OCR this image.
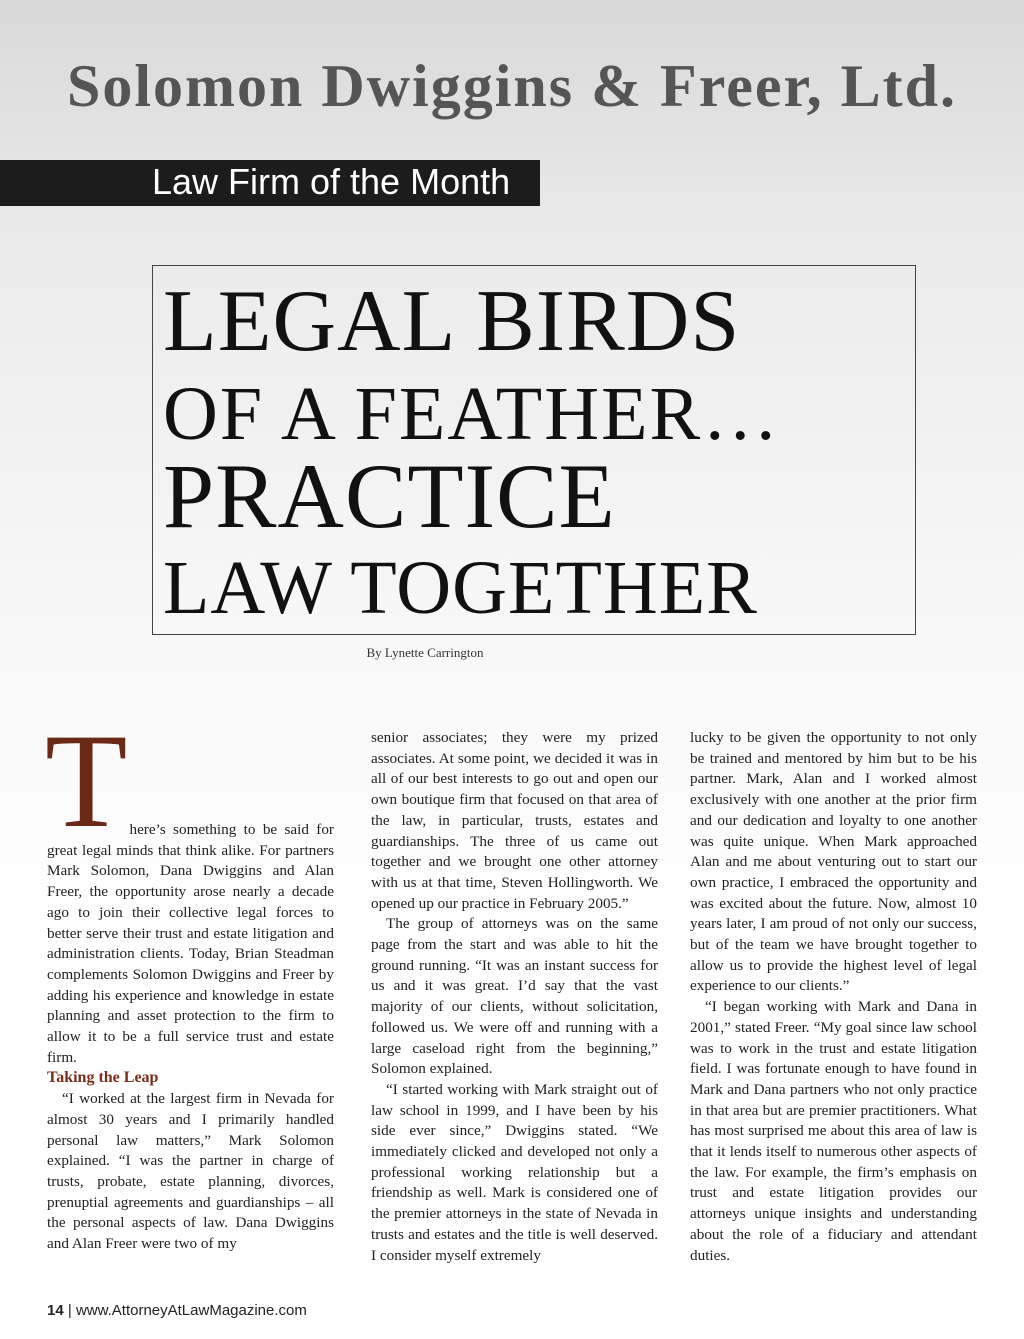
Solomon Dwiggins & Freer, Ltd.
Law Firm of the Month
LEGAL BIRDS
OF A FEATHER…
PRACTICE
LAW TOGETHER
By Lynette Carrington

T here’s something to be said for great legal minds that think alike. For partners Mark Solomon, Dana Dwiggins and Alan Freer, the opportunity arose nearly a decade ago to join their collective legal forces to better serve their trust and estate litigation and administration clients. Today, Brian Steadman complements Solomon Dwiggins and Freer by adding his experience and knowledge in estate planning and asset protection to the firm to allow it to be a full service trust and estate firm.

Taking the Leap

“I worked at the largest firm in Nevada for almost 30 years and I primarily handled personal law matters,” Mark Solomon explained. “I was the partner in charge of trusts, probate, estate planning, divorces, prenuptial agreements and guardianships – all the personal aspects of law. Dana Dwiggins and Alan Freer were two of my

senior associates; they were my prized associates. At some point, we decided it was in all of our best interests to go out and open our own boutique firm that focused on that area of the law, in particular, trusts, estates and guardianships. The three of us came out together and we brought one other attorney with us at that time, Steven Hollingworth. We opened up our practice in February 2005.”

The group of attorneys was on the same page from the start and was able to hit the ground running. “It was an instant success for us and it was great. I’d say that the vast majority of our clients, without solicitation, followed us. We were off and running with a large caseload right from the beginning,” Solomon explained.

“I started working with Mark straight out of law school in 1999, and I have been by his side ever since,” Dwiggins stated. “We immediately clicked and developed not only a professional working relationship but a friendship as well. Mark is considered one of the premier attorneys in the state of Nevada in trusts and estates and the title is well deserved. I consider myself extremely

lucky to be given the opportunity to not only be trained and mentored by him but to be his partner. Mark, Alan and I worked almost exclusively with one another at the prior firm and our dedication and loyalty to one another was quite unique. When Mark approached Alan and me about venturing out to start our own practice, I embraced the opportunity and was excited about the future. Now, almost 10 years later, I am proud of not only our success, but of the team we have brought together to allow us to provide the highest level of legal experience to our clients.”

“I began working with Mark and Dana in 2001,” stated Freer. “My goal since law school was to work in the trust and estate litigation field. I was fortunate enough to have found in Mark and Dana partners who not only practice in that area but are premier practitioners. What has most surprised me about this area of law is that it lends itself to numerous other aspects of the law. For example, the firm’s emphasis on trust and estate litigation provides our attorneys unique insights and understanding about the role of a fiduciary and attendant duties.

14 | www.AttorneyAtLawMagazine.com
